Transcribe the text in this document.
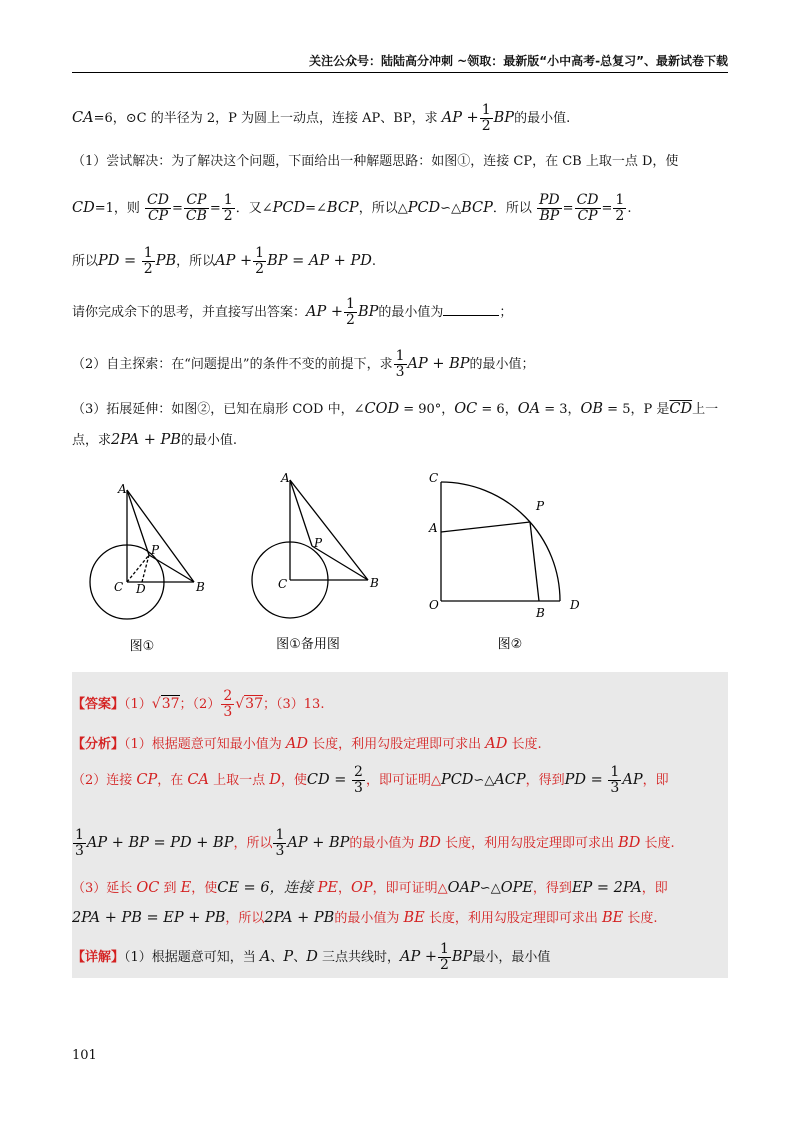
关注公众号：陆陆高分冲刺 ~领取：最新版“小中高考-总复习”、最新试卷下载
CA=6，⊙C 的半径为 2，P 为圆上一动点，连接 AP、BP，求 AP + $\frac{1}{2}$ BP的最小值.
（1）尝试解决：为了解决这个问题，下面给出一种解题思路：如图①，连接 CP，在 CB 上取一点 D，使
CD=1，则 $\frac{CD}{CP} = \frac{CP}{CB} = \frac{1}{2}$ ．又∠PCD=∠BCP，所以△PCD∽△BCP．所以 $\frac{PD}{BP} = \frac{CD}{CP} = \frac{1}{2}$ .
所以PD = $\frac{1}{2}$ PB，所以AP + $\frac{1}{2}$ BP = AP + PD.
请你完成余下的思考，并直接写出答案：AP + $\frac{1}{2}$ BP的最小值为	；
（2）自主探索：在“问题提出”的条件不变的前提下，求 $\frac{1}{3}$ AP + BP的最小值；
（3）拓展延伸：如图②，已知在扇形 COD 中，∠COD = 90°，OC = 6，OA = 3，OB = 5，P 是$\overline{CD}$上一
点，求2PA + PB的最小值.
A
P
C D	B
图①
A
P
C	B
图①备用图
C
P
A
O
B
D
图②
【答案】（1）√37；$(2) \frac{2}{3} √37$；（3）13.
【分析】（1）根据题意可知最小值为 AD 长度，利用勾股定理即可求出 AD 长度.
（2）连接 CP，在 CA 上取一点 D，使CD = $\frac{2}{3}$ ，即可证明△PCD∽△ACP，得到PD = $\frac{1}{3}$ AP，即
$\frac{1}{3}$ AP + BP = PD + BP，所以 $\frac{1}{3}$ AP + BP的最小值为 BD 长度，利用勾股定理即可求出 BD 长度.
（3）延长 OC 到 E，使CE = 6，连接 PE，OP，即可证明△OAP∽△OPE，得到EP = 2PA，即
2PA + PB = EP + PB，所以2PA + PB的最小值为 BE 长度，利用勾股定理即可求出 BE 长度.
【详解】（1）根据题意可知，当 A、P、D 三点共线时，AP + $\frac{1}{2}$ BP最小，最小值
101
